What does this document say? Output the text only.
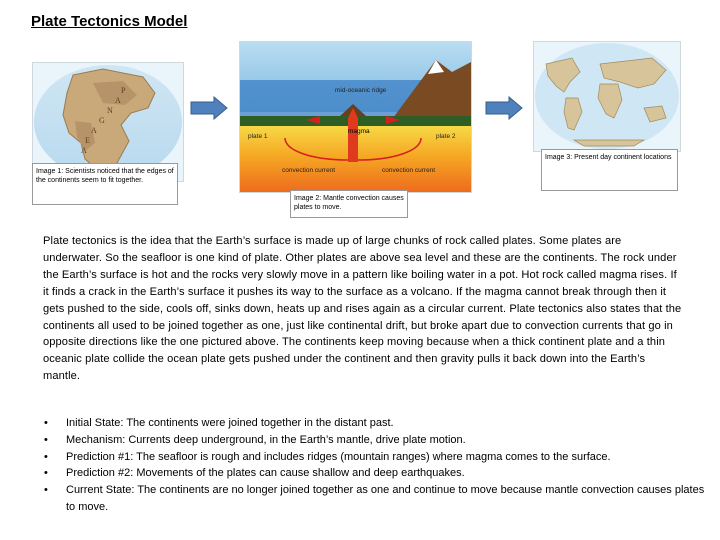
Plate Tectonics Model
P
A
N
G
A
E
A
Image 1: Scientists noticed that the edges of the continents seem to fit together.
mid-oceanic ridge
magma
plate 1	plate 2
convection current	convection current
Image 2: Mantle convection causes plates to move.
Image 3: Present day continent locations
Plate tectonics is the idea that the Earth’s surface is made up of large chunks of rock called plates. Some plates are underwater. So the seafloor is one kind of plate. Other plates are above sea level and these are the continents. The rock under the Earth’s surface is hot and the rocks very slowly move in a pattern like boiling water in a pot. Hot rock called magma rises. If it finds a crack in the Earth’s surface it pushes its way to the surface as a volcano. If the magma cannot break through then it gets pushed to the side, cools off, sinks down, heats up and rises again as a circular current. Plate tectonics also states that the continents all used to be joined together as one, just like continental drift, but broke apart due to convection currents that go in opposite directions like the one pictured above. The continents keep moving because when a thick continent plate and a thin oceanic plate collide the ocean plate gets pushed under the continent and then gravity pulls it back down into the Earth’s mantle.
• Initial State: The continents were joined together in the distant past.
• Mechanism: Currents deep underground, in the Earth’s mantle, drive plate motion.
• Prediction #1: The seafloor is rough and includes ridges (mountain ranges) where magma comes to the surface.
• Prediction #2: Movements of the plates can cause shallow and deep earthquakes.
• Current State: The continents are no longer joined together as one and continue to move because mantle convection causes plates to move.
